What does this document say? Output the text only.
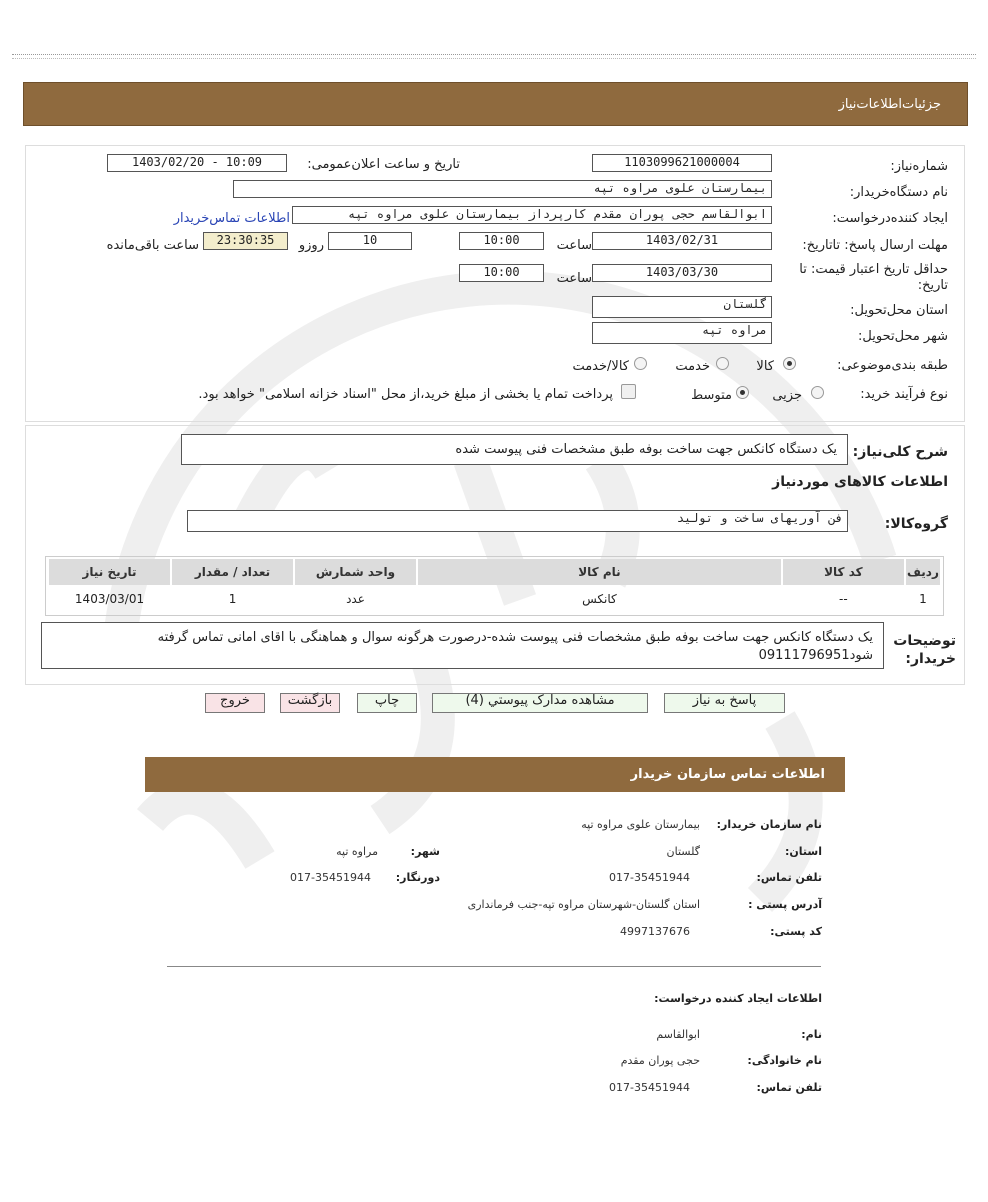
جزئیات‌اطلاعات‌نیاز
شماره‌نیاز:
1103099621000004
تاریخ و ساعت اعلان‌عمومی:
1403/02/20 - 10:09
نام دستگاه‌خریدار:
بیمارستان علوی مراوه تپه
ایجاد کننده‌درخواست:
ابوالقاسم حجی پوران مقدم کارپرداز بیمارستان علوی مراوه تپه
اطلاعات تماس‌خریدار
مهلت ارسال پاسخ: تاتاریخ:
1403/02/31
ساعت
10:00
10
روزو
23:30:35
ساعت باقی‌مانده
حداقل تاریخ اعتبار قیمت: تا
تاریخ:
1403/03/30
ساعت
10:00
استان محل‌تحویل:
گلستان
شهر محل‌تحویل:
مراوه تپه
طبقه بندی‌موضوعی:
کالا
خدمت
کالا/خدمت
نوع فرآیند خرید:
جزیی
متوسط
پرداخت تمام یا بخشی از مبلغ خرید،از محل "اسناد خزانه اسلامی" خواهد بود.
شرح کلی‌نیاز:
یک دستگاه کانکس جهت ساخت بوفه طبق مشخصات فنی پیوست شده
اطلاعات کالاهای موردنیاز
گروه‌کالا:
فن آوریهای ساخت و تولید
ردیف	کد کالا	نام کالا	واحد شمارش	تعداد / مقدار	تاریخ نیاز
1	--	کانکس	عدد	1	1403/03/01
توضیحات خریدار:
یک دستگاه کانکس جهت ساخت بوفه طبق مشخصات فنی پیوست شده-درصورت هرگونه سوال و هماهنگی با اقای امانی تماس گرفته شود09111796951
پاسخ به نیاز
مشاهده مدارک پیوستي (4)
چاپ
بازگشت
خروج
اطلاعات تماس سازمان خریدار
نام سازمان خریدار:
بیمارستان علوی مراوه تپه
استان:
گلستان
شهر:
مراوه تپه
تلفن تماس:
017-35451944
دورنگار:
017-35451944
آدرس پستی :
استان گلستان-شهرستان مراوه تپه-جنب فرمانداری
کد پستی:
4997137676
اطلاعات ایجاد کننده درخواست:
نام:
ابوالقاسم
نام خانوادگی:
حجی پوران مقدم
تلفن تماس:
017-35451944
